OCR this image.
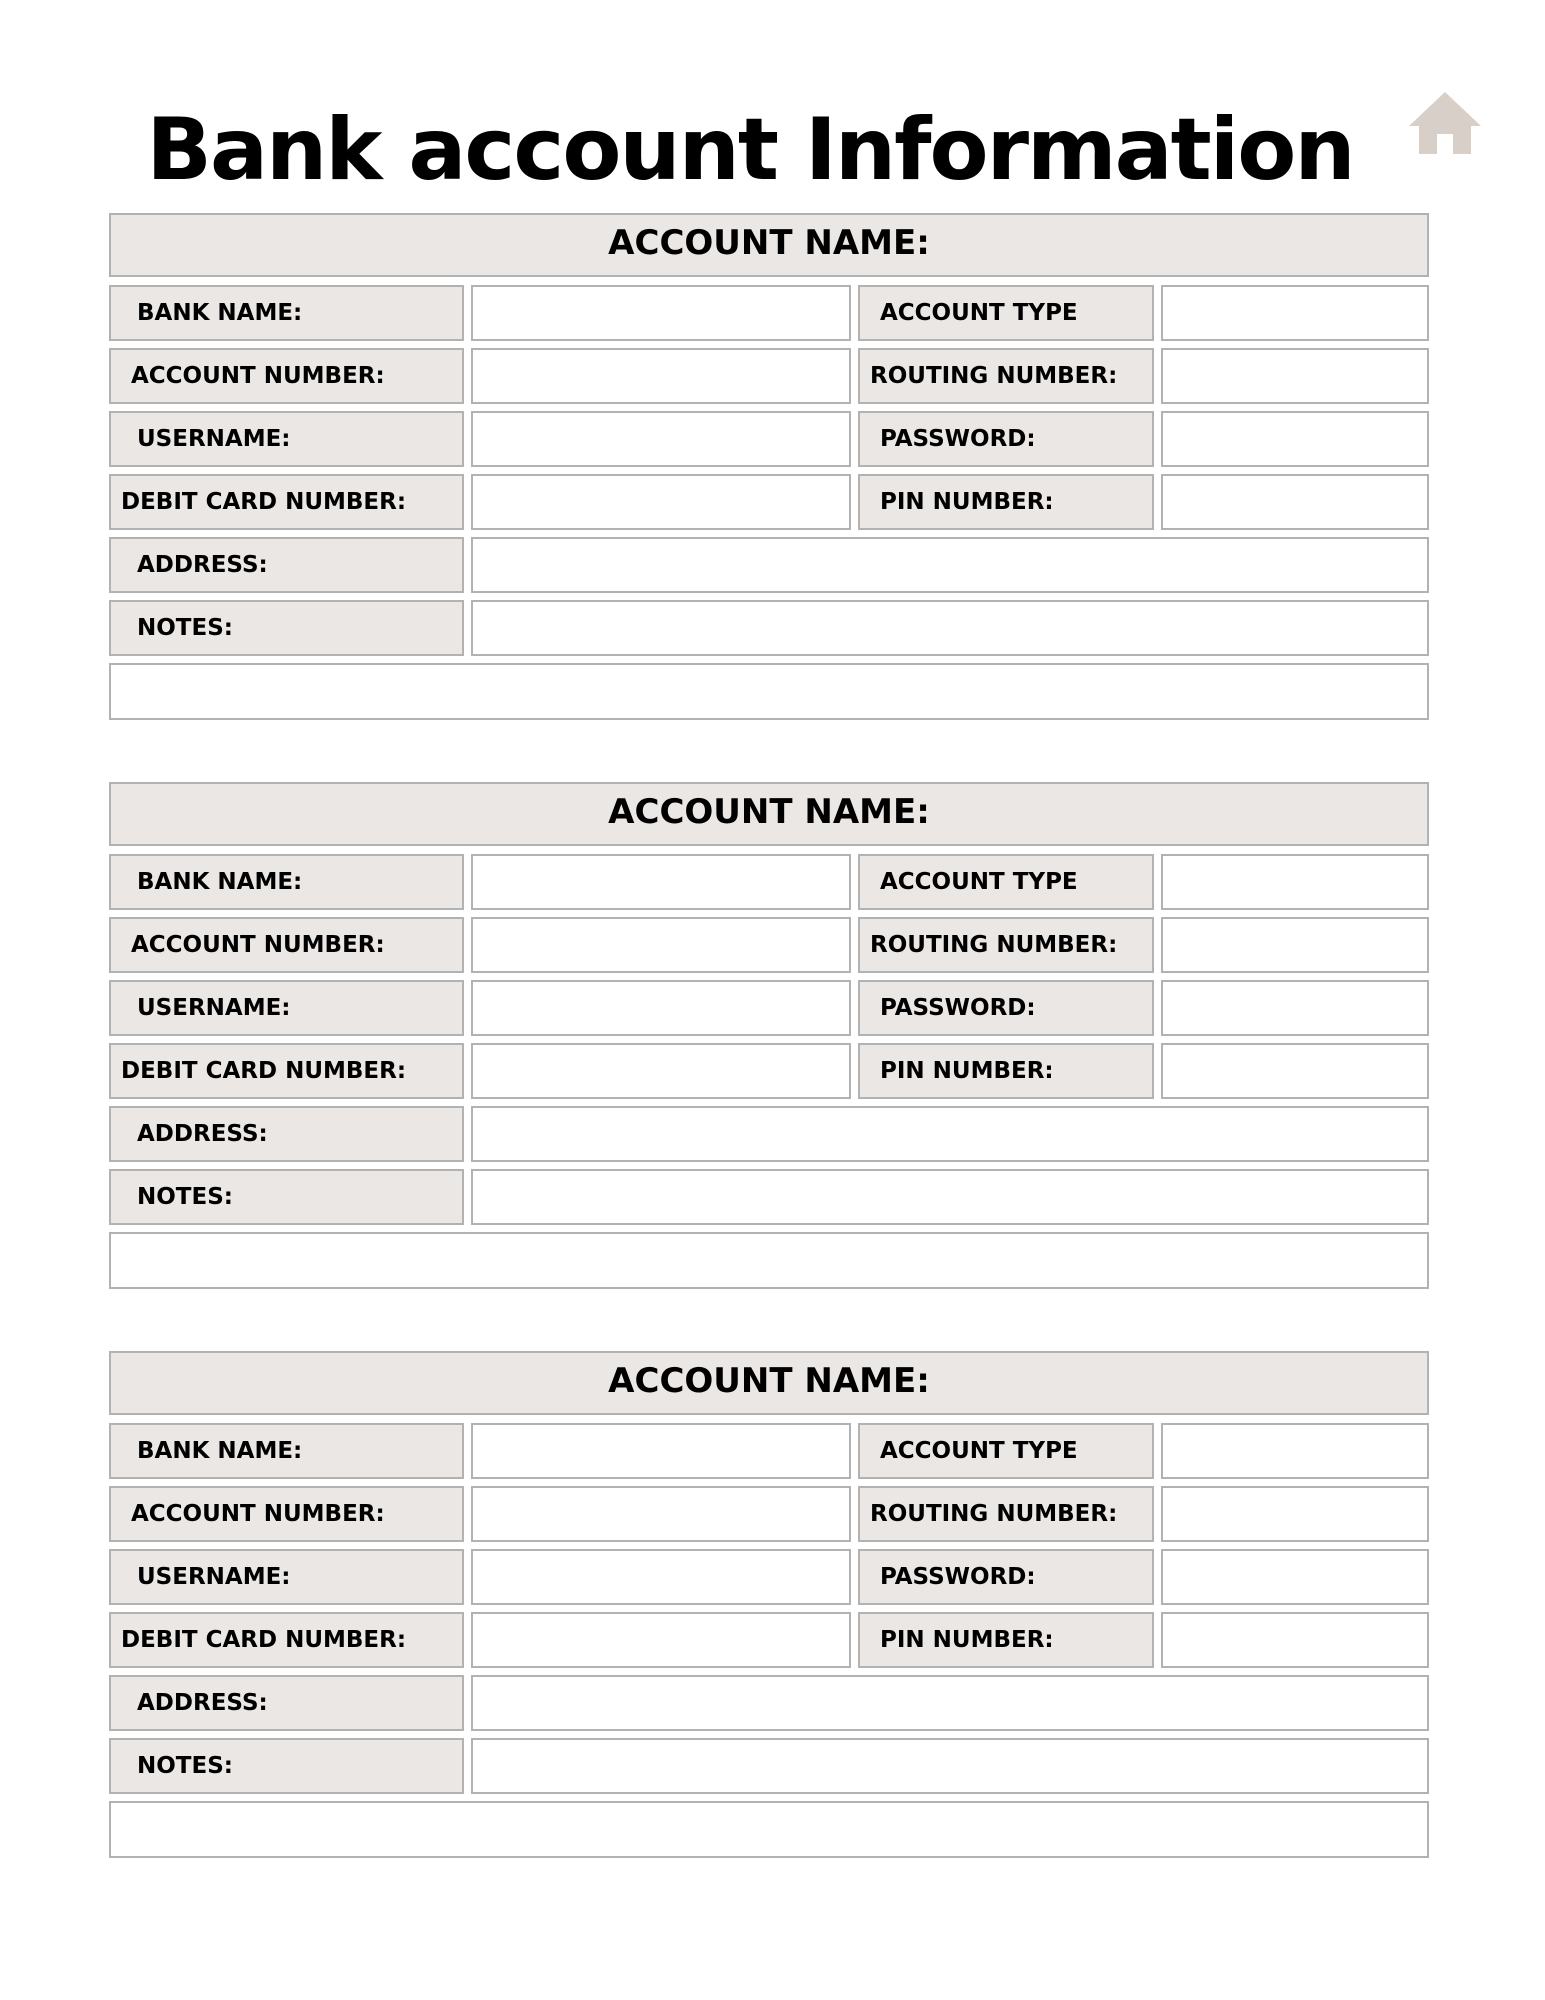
Bank account Information
ACCOUNT NAME:
BANK NAME:	ACCOUNT TYPE
ACCOUNT NUMBER:	ROUTING NUMBER:
USERNAME:	PASSWORD:
DEBIT CARD NUMBER:	PIN NUMBER:
ADDRESS:
NOTES:
ACCOUNT NAME:
BANK NAME:	ACCOUNT TYPE
ACCOUNT NUMBER:	ROUTING NUMBER:
USERNAME:	PASSWORD:
DEBIT CARD NUMBER:	PIN NUMBER:
ADDRESS:
NOTES:
ACCOUNT NAME:
BANK NAME:	ACCOUNT TYPE
ACCOUNT NUMBER:	ROUTING NUMBER:
USERNAME:	PASSWORD:
DEBIT CARD NUMBER:	PIN NUMBER:
ADDRESS:
NOTES:
